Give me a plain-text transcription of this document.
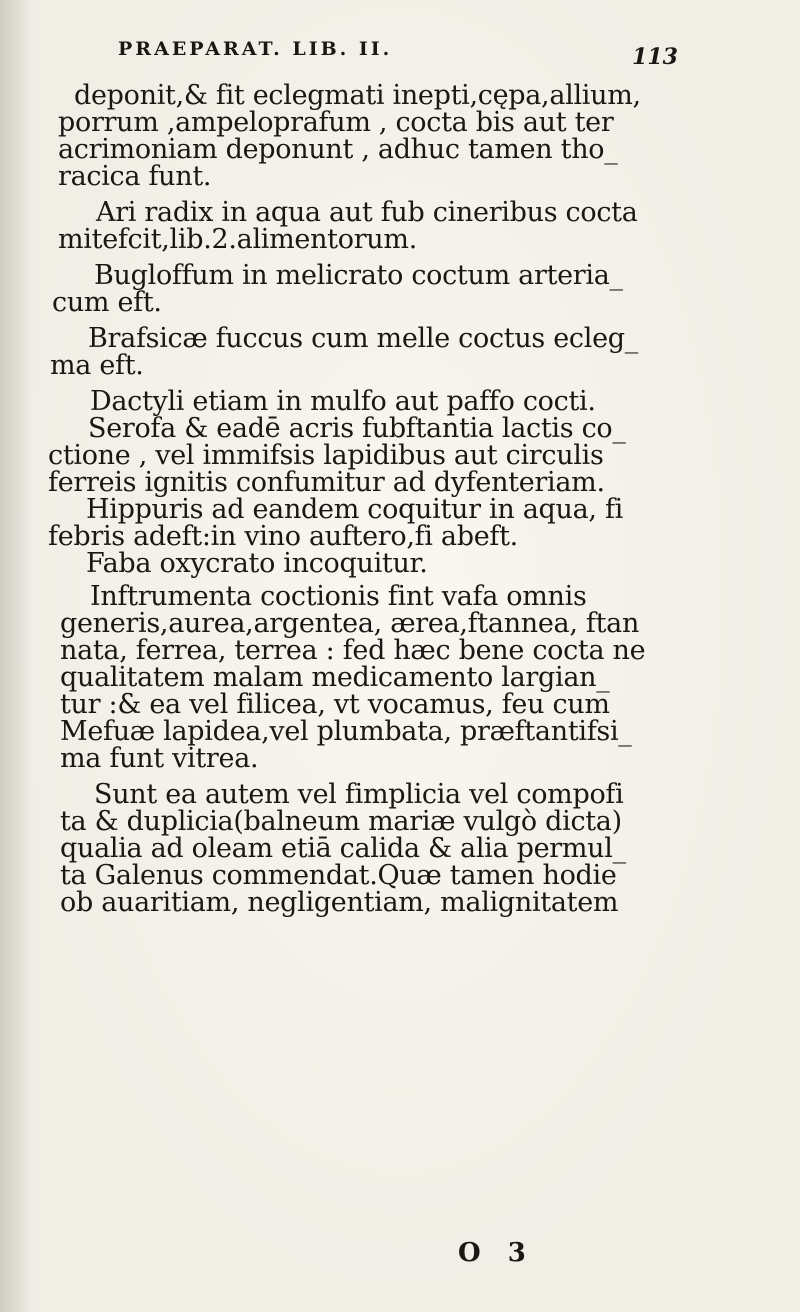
PRAEPARAT. LIB. II.	113
deponit,& fit eclegmati inepti,cępa,allium,
porrum ,ampeloprafum , cocta bis aut ter
acrimoniam deponunt , adhuc tamen tho_
racica funt.
Ari radix in aqua aut fub cineribus cocta
mitefcit,lib.2.alimentorum.
Bugloffum in melicrato coctum arteria_
cum eft.
Brafsicæ fuccus cum melle coctus ecleg_
ma eft.
Dactyli etiam in mulfo aut paffo cocti.
Serofa & eadē acris fubftantia lactis co_
ctione , vel immifsis lapidibus aut circulis
ferreis ignitis confumitur ad dyfenteriam.
Hippuris ad eandem coquitur in aqua, fi
febris adeft:in vino auftero,fi abeft.
Faba oxycrato incoquitur.
Inftrumenta coctionis fint vafa omnis
generis,aurea,argentea, ærea,ftannea, ftan
nata, ferrea, terrea : fed hæc bene cocta ne
qualitatem malam medicamento largian_
tur :& ea vel filicea, vt vocamus, feu cum
Mefuæ lapidea,vel plumbata, præftantifsi_
ma funt vitrea.
Sunt ea autem vel fimplicia vel compofi
ta & duplicia(balneum mariæ vulgò dicta)
qualia ad oleam etiā calida & alia permul_
ta Galenus commendat.Quæ tamen hodie
ob auaritiam, negligentiam, malignitatem
O 3
